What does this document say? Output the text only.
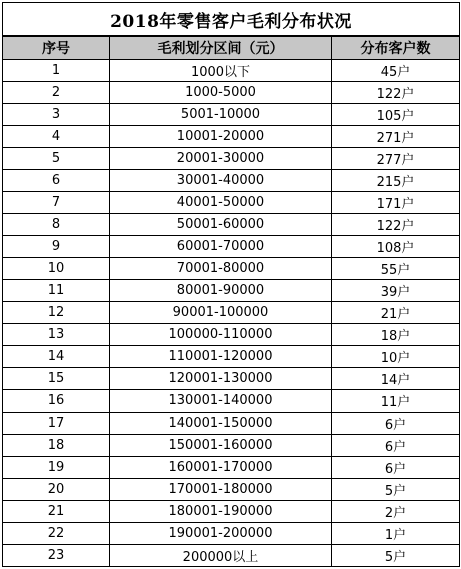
2018年零售客户毛利分布状况		
序号	毛利划分区间（元）	分布客户数
1	1000以下	45户
2	1000-5000	122户
3	5001-10000	105户
4	10001-20000	271户
5	20001-30000	277户
6	30001-40000	215户
7	40001-50000	171户
8	50001-60000	122户
9	60001-70000	108户
10	70001-80000	55户
11	80001-90000	39户
12	90001-100000	21户
13	100000-110000	18户
14	110001-120000	10户
15	120001-130000	14户
16	130001-140000	11户
17	140001-150000	6户
18	150001-160000	6户
19	160001-170000	6户
20	170001-180000	5户
21	180001-190000	2户
22	190001-200000	1户
23	200000以上	5户
